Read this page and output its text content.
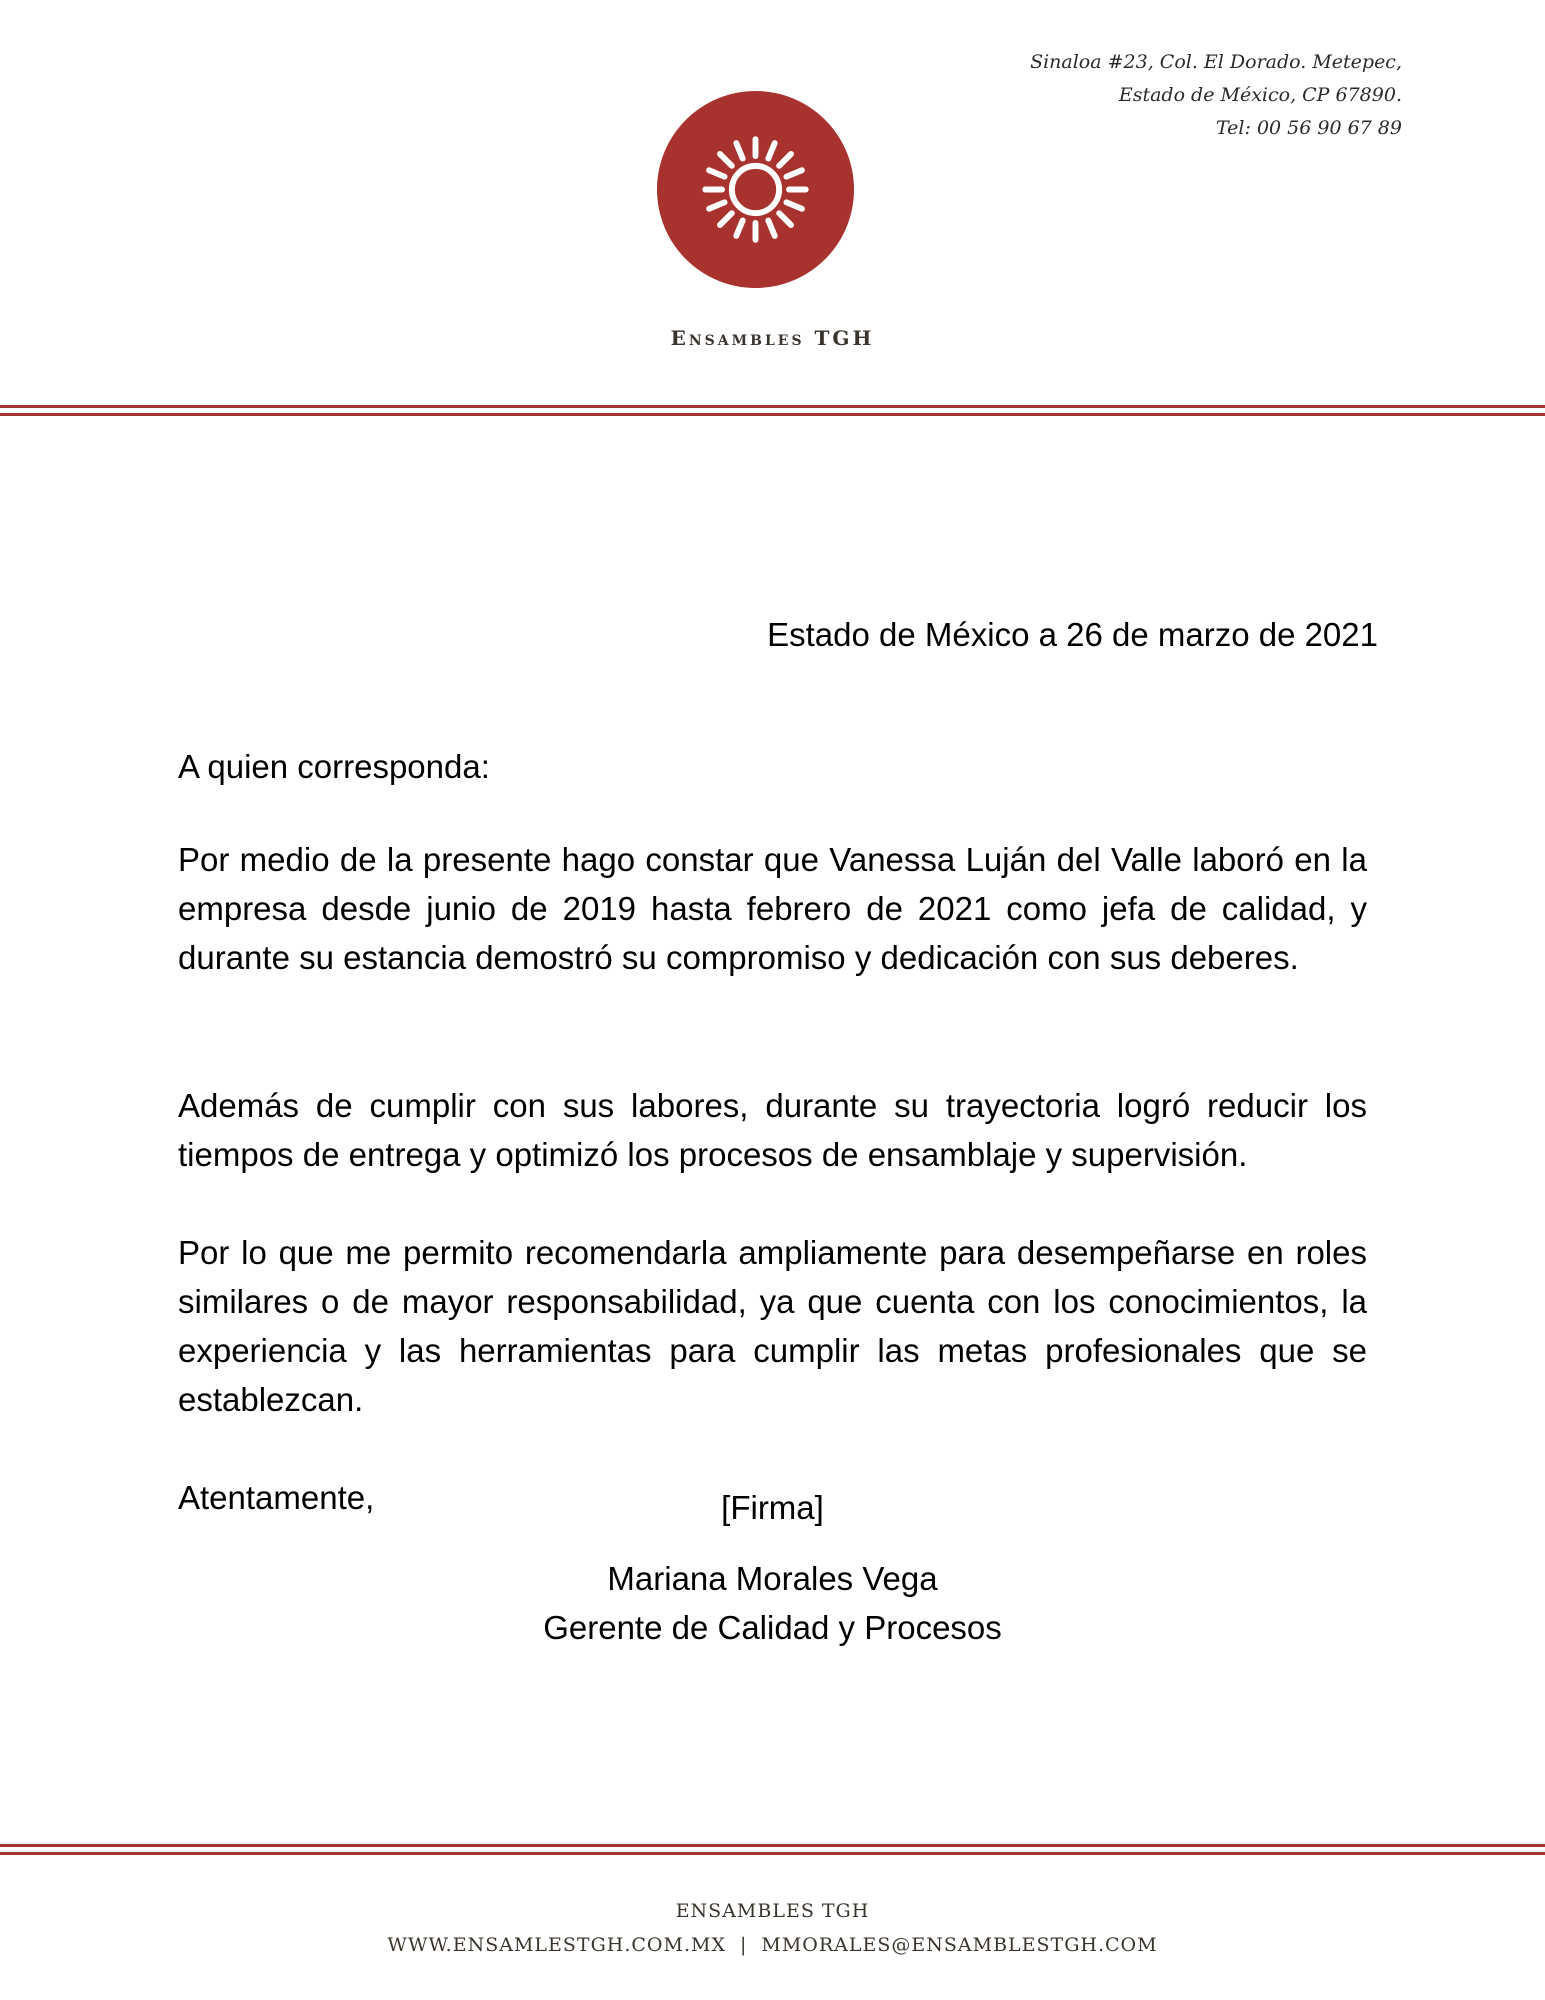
Sinaloa #23, Col. El Dorado. Metepec,
Estado de México, CP 67890.
Tel: 00 56 90 67 89
Ensambles TGH
Estado de México a 26 de marzo de 2021
A quien corresponda:
Por medio de la presente hago constar que Vanessa Luján del Valle laboró en la empresa desde junio de 2019 hasta febrero de 2021 como jefa de calidad, y durante su estancia demostró su compromiso y dedicación con sus deberes.
Además de cumplir con sus labores, durante su trayectoria logró reducir los tiempos de entrega y optimizó los procesos de ensamblaje y supervisión.
Por lo que me permito recomendarla ampliamente para desempeñarse en roles similares o de mayor responsabilidad, ya que cuenta con los conocimientos, la experiencia y las herramientas para cumplir las metas profesionales que se establezcan.
Atentamente,	[Firma]
Mariana Morales Vega
Gerente de Calidad y Procesos
ENSAMBLES TGH
WWW.ENSAMLESTGH.COM.MX | MMORALES@ENSAMBLESTGH.COM
